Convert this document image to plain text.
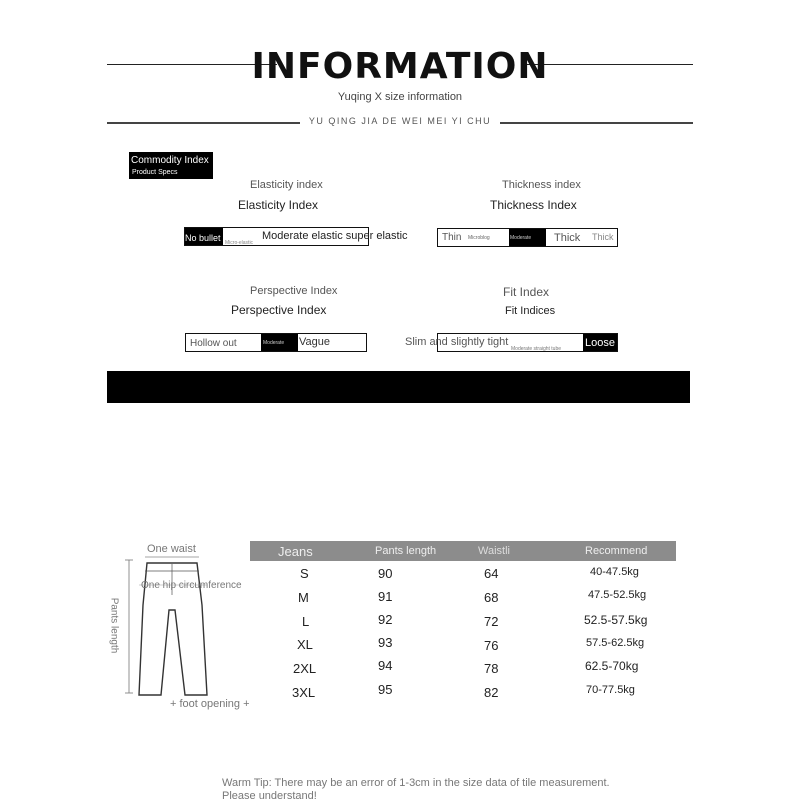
INFORMATION
Yuqing X size information
YU QING JIA DE WEI MEI YI CHU
Commodity Index
Product Specs
Elasticity index
Elasticity Index
No bullet Micro-elastic
Moderate elastic super elastic
Thickness index
Thickness Index
Thin Microblog	Moderate Thick Thick
Perspective Index
Perspective Index
Hollow out	Moderate Vague
Fit Index
Fit Indices
Moderate straight tube Loose
Slim and slightly tight
One waist
One hip circumference
Pants length
+ foot opening +
Jeans	Pants length	Waistli	Recommend
S	90	64	40-47.5kg
M	91	68	47.5-52.5kg
L	92	72	52.5-57.5kg
XL	93	76	57.5-62.5kg
2XL	94	78	62.5-70kg
3XL	95	82	70-77.5kg
Warm Tip: There may be an error of 1-3cm in the size data of tile measurement.
Please understand!
